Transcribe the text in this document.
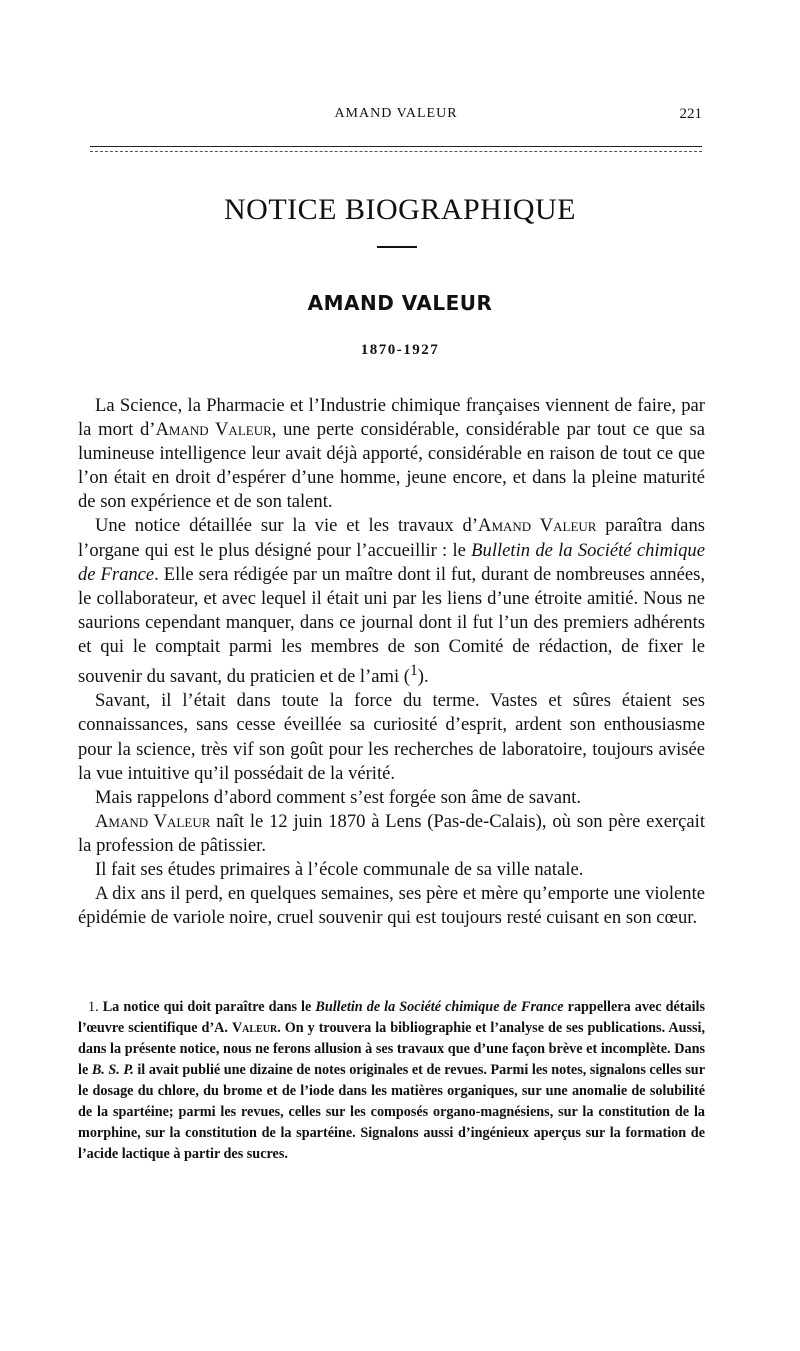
AMAND VALEUR	221
NOTICE BIOGRAPHIQUE
AMAND VALEUR
1870-1927

La Science, la Pharmacie et l’Industrie chimique françaises viennent de faire, par la mort d’Amand Valeur, une perte considérable, considérable par tout ce que sa lumineuse intelligence leur avait déjà apporté, considérable en raison de tout ce que l’on était en droit d’espérer d’une homme, jeune encore, et dans la pleine maturité de son expérience et de son talent.

Une notice détaillée sur la vie et les travaux d’Amand Valeur paraîtra dans l’organe qui est le plus désigné pour l’accueillir : le Bulletin de la Société chimique de France. Elle sera rédigée par un maître dont il fut, durant de nombreuses années, le collaborateur, et avec lequel il était uni par les liens d’une étroite amitié. Nous ne saurions cependant manquer, dans ce journal dont il fut l’un des premiers adhérents et qui le comptait parmi les membres de son Comité de rédaction, de fixer le souvenir du savant, du praticien et de l’ami ($^1$).

Savant, il l’était dans toute la force du terme. Vastes et sûres étaient ses connaissances, sans cesse éveillée sa curiosité d’esprit, ardent son enthousiasme pour la science, très vif son goût pour les recherches de laboratoire, toujours avisée la vue intuitive qu’il possédait de la vérité.

Mais rappelons d’abord comment s’est forgée son âme de savant.

Amand Valeur naît le 12 juin 1870 à Lens (Pas-de-Calais), où son père exerçait la profession de pâtissier.

Il fait ses études primaires à l’école communale de sa ville natale.

A dix ans il perd, en quelques semaines, ses père et mère qu’emporte une violente épidémie de variole noire, cruel souvenir qui est toujours resté cuisant en son cœur.

1. La notice qui doit paraître dans le Bulletin de la Société chimique de France rappellera avec détails l’œuvre scientifique d’A. Valeur. On y trouvera la bibliographie et l’analyse de ses publications. Aussi, dans la présente notice, nous ne ferons allusion à ses travaux que d’une façon brève et incomplète. Dans le B. S. P. il avait publié une dizaine de notes originales et de revues. Parmi les notes, signalons celles sur le dosage du chlore, du brome et de l’iode dans les matières organiques, sur une anomalie de solubilité de la spartéine; parmi les revues, celles sur les composés organo-magnésiens, sur la constitution de la morphine, sur la constitution de la spartéine. Signalons aussi d’ingénieux aperçus sur la formation de l’acide lactique à partir des sucres.
